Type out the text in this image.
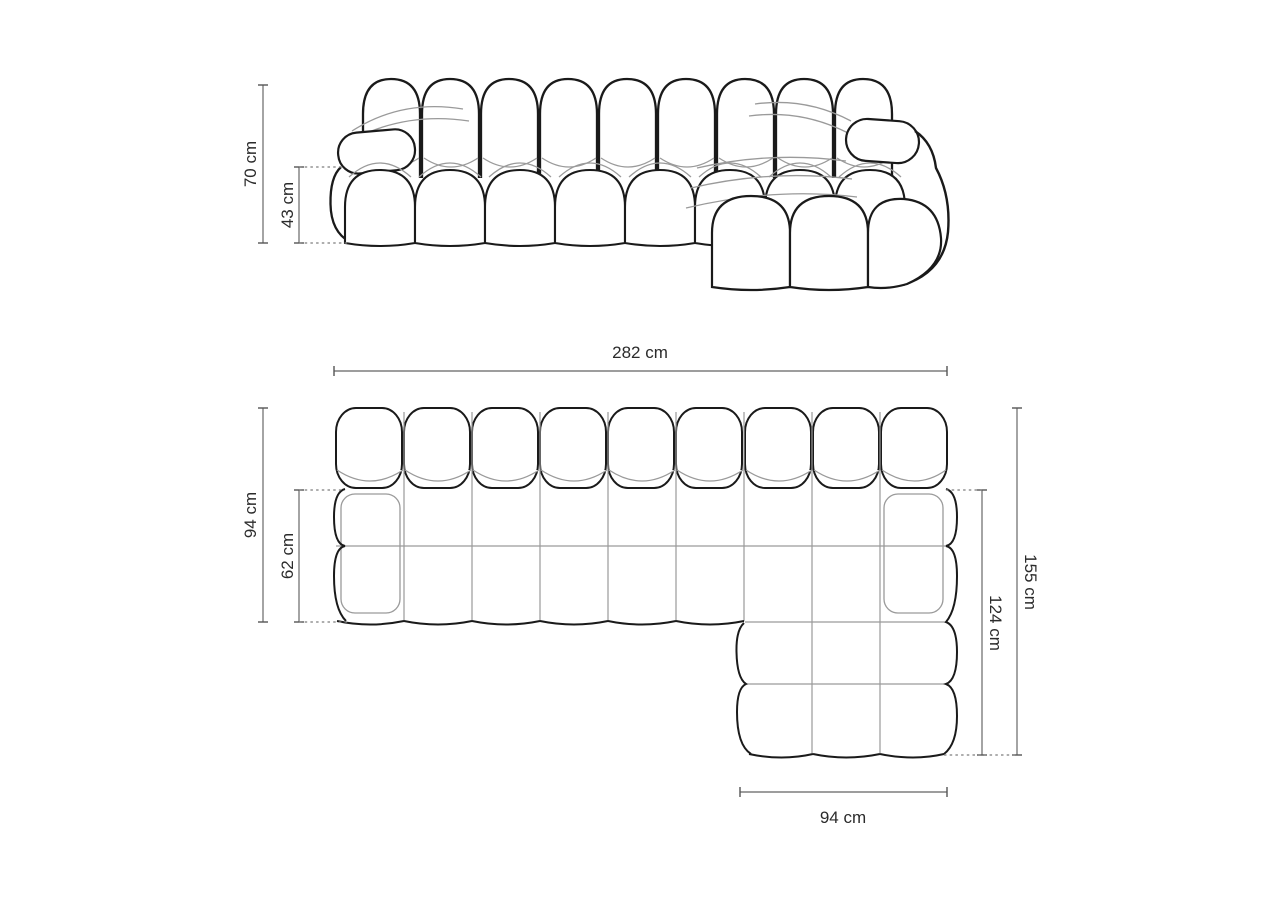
70 cm
43 cm
282 cm
94 cm
62 cm	155 cm
124 cm
94 cm
